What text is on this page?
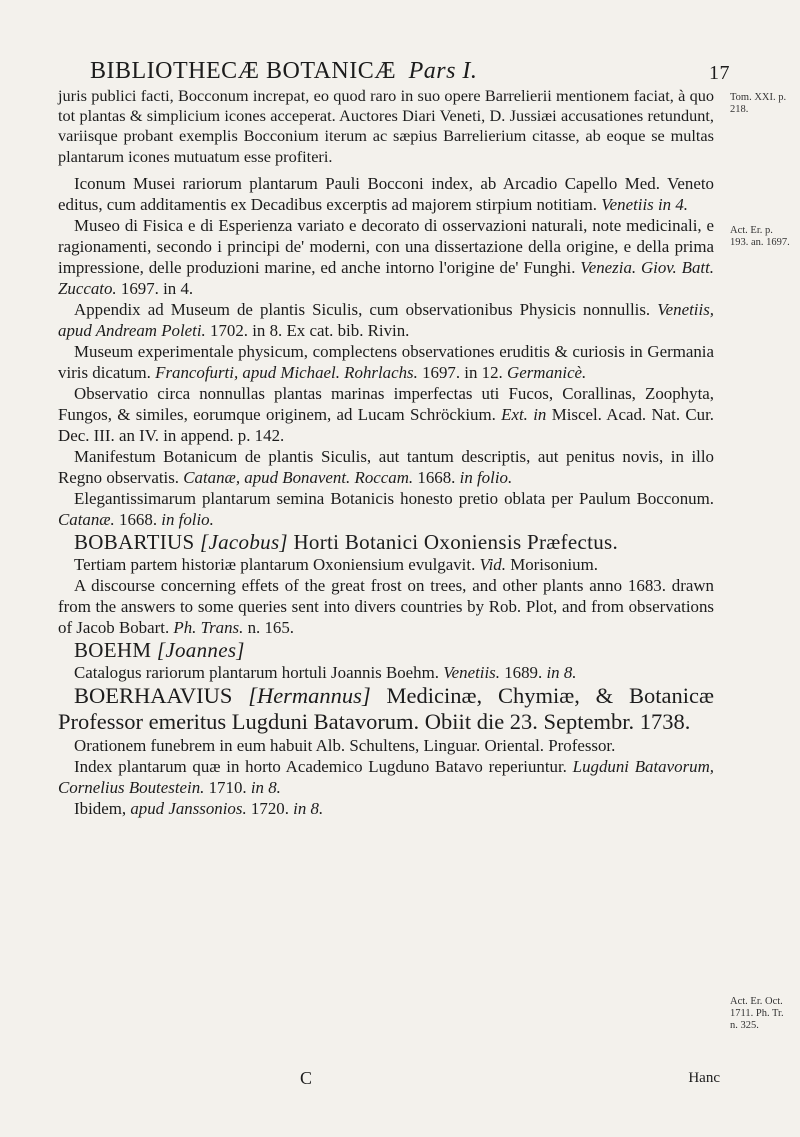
BIBLIOTHECÆ BOTANICÆ Pars I.	17
Tom. XXI. p. 218.
Act. Er. p. 193. an. 1697.
Act. Er. Oct. 1711. Ph. Tr. n. 325.

juris publici facti, Bocconum increpat, eo quod raro in suo opere Barrelierii mentionem faciat, à quo tot plantas & simplicium icones acceperat. Auctores Diari Veneti, D. Jussiæi accusationes retundunt, variisque probant exemplis Bocconium iterum ac sæpius Barrelierium citasse, ab eoque se multas plantarum icones mutuatum esse profiteri.

Iconum Musei rariorum plantarum Pauli Bocconi index, ab Arcadio Capello Med. Veneto editus, cum additamentis ex Decadibus excerptis ad majorem stirpium notitiam. Venetiis in 4.

Museo di Fisica e di Esperienza variato e decorato di osservazioni naturali, note medicinali, e ragionamenti, secondo i principi de' moderni, con una dissertazione della origine, e della prima impressione, delle produzioni marine, ed anche intorno l'origine de' Funghi. Venezia. Giov. Batt. Zuccato. 1697. in 4.

Appendix ad Museum de plantis Siculis, cum observationibus Physicis nonnullis. Venetiis, apud Andream Poleti. 1702. in 8. Ex cat. bib. Rivin.

Museum experimentale physicum, complectens observationes eruditis & curiosis in Germania viris dicatum. Francofurti, apud Michael. Rohrlachs. 1697. in 12. Germanicè.

Observatio circa nonnullas plantas marinas imperfectas uti Fucos, Corallinas, Zoophyta, Fungos, & similes, eorumque originem, ad Lucam Schröckium. Ext. in Miscel. Acad. Nat. Cur. Dec. III. an IV. in append. p. 142.

Manifestum Botanicum de plantis Siculis, aut tantum descriptis, aut penitus novis, in illo Regno observatis. Catanæ, apud Bonavent. Roccam. 1668. in folio.

Elegantissimarum plantarum semina Botanicis honesto pretio oblata per Paulum Bocconum. Catanæ. 1668. in folio.

BOBARTIUS [Jacobus] Horti Botanici Oxoniensis Præfectus.

Tertiam partem historiæ plantarum Oxoniensium evulgavit. Vid. Morisonium.

A discourse concerning effets of the great frost on trees, and other plants anno 1683. drawn from the answers to some queries sent into divers countries by Rob. Plot, and from observations of Jacob Bobart. Ph. Trans. n. 165.

BOEHM [Joannes]

Catalogus rariorum plantarum hortuli Joannis Boehm. Venetiis. 1689. in 8.

BOERHAAVIUS [Hermannus] Medicinæ, Chymiæ, & Botanicæ Professor emeritus Lugduni Batavorum. Obiit die 23. Septembr. 1738.

Orationem funebrem in eum habuit Alb. Schultens, Linguar. Oriental. Professor.

Index plantarum quæ in horto Academico Lugduno Batavo reperiuntur. Lugduni Batavorum, Cornelius Boutestein. 1710. in 8.

Ibidem, apud Janssonios. 1720. in 8.

C	Hanc
